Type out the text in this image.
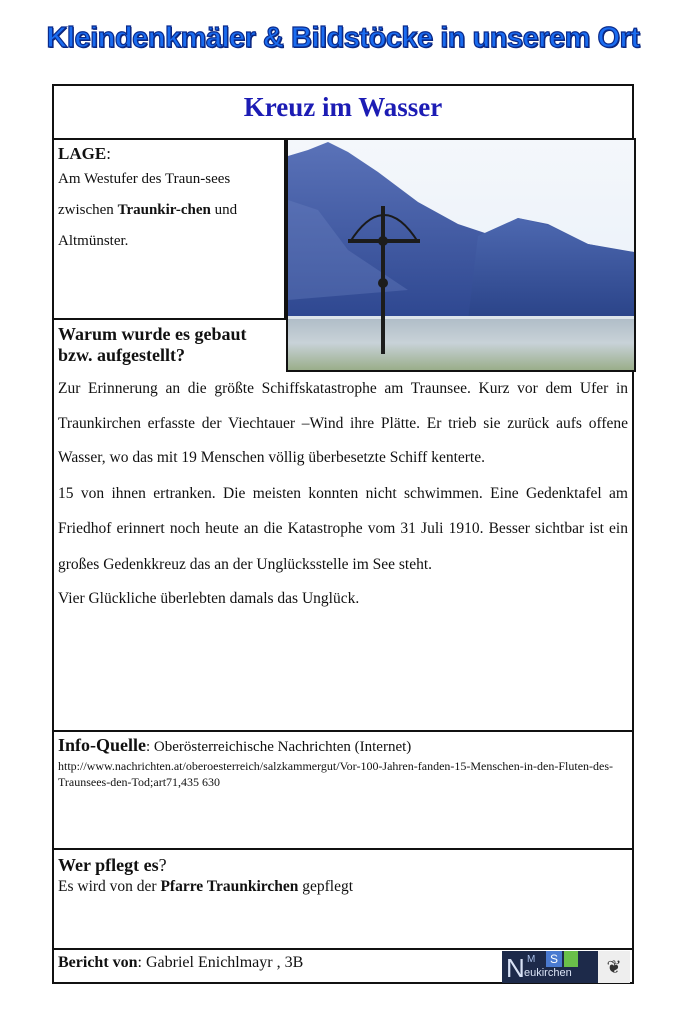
Kleindenkmäler & Bildstöcke in unserem Ort
Kreuz im Wasser
LAGE:
Am Westufer des Traun-sees zwischen Traunkir-chen und Altmünster.
Warum wurde es gebaut bzw. aufgestellt?

Zur Erinnerung an die größte Schiffskatastrophe am Traunsee. Kurz vor dem Ufer in Traunkirchen erfasste der Viechtauer –Wind ihre Plätte. Er trieb sie zurück aufs offene Wasser, wo das mit 19 Menschen völlig überbesetzte Schiff kenterte.

15 von ihnen ertranken. Die meisten konnten nicht schwimmen. Eine Gedenktafel am Friedhof erinnert noch heute an die Katastrophe vom 31 Juli 1910. Besser sichtbar ist ein großes Gedenkkreuz das an der Unglücksstelle im See steht.

Vier Glückliche überlebten damals das Unglück.

Info-Quelle: Oberösterreichische Nachrichten (Internet)
http://www.nachrichten.at/oberoesterreich/salzkammergut/Vor-100-Jahren-fanden-15-Menschen-in-den-Fluten-des-Traunsees-den-Tod;art71,435 630
Wer pflegt es?
Es wird von der Pfarre Traunkirchen gepflegt
Bericht von: Gabriel Enichlmayr , 3B	N M	S
eukirchen	❦
